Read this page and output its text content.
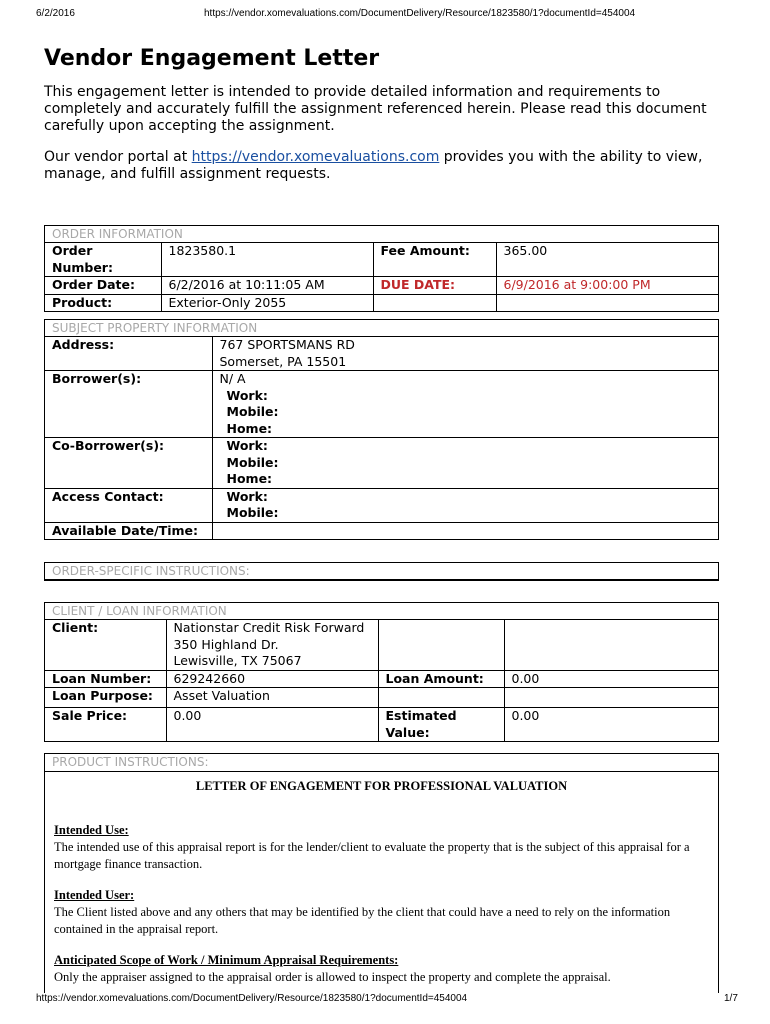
6/2/2016	https://vendor.xomevaluations.com/DocumentDelivery/Resource/1823580/1?documentId=454004
Vendor Engagement Letter

This engagement letter is intended to provide detailed information and requirements to completely and accurately fulfill the assignment referenced herein. Please read this document carefully upon accepting the assignment.

Our vendor portal at https://vendor.xomevaluations.com provides you with the ability to view, manage, and fulfill assignment requests.

ORDER INFORMATION
Order Number:	1823580.1	Fee Amount:	365.00
Order Date:	6/2/2016 at 10:11:05 AM	DUE DATE:	6/9/2016 at 9:00:00 PM
Product:	Exterior-Only 2055		
SUBJECT PROPERTY INFORMATION
Address:	767 SPORTSMANS RD
Somerset, PA 15501

Borrower(s):	N/ A
Work:
Mobile:
Home:

Co-Borrower(s):	Work:
Mobile:
Home:

Access Contact:	Work:
Mobile:

Available Date/Time:	
ORDER-SPECIFIC INSTRUCTIONS:
CLIENT / LOAN INFORMATION
Client:	Nationstar Credit Risk Forward
350 Highland Dr.
Lewisville, TX 75067		

Loan Number:	629242660	Loan Amount:	0.00
Loan Purpose:	Asset Valuation		
Sale Price:	0.00	Estimated Value:	0.00
PRODUCT INSTRUCTIONS:
LETTER OF ENGAGEMENT FOR PROFESSIONAL VALUATION
Intended Use:
The intended use of this appraisal report is for the lender/client to evaluate the property that is the subject of this appraisal for a mortgage finance transaction.
Intended User:
The Client listed above and any others that may be identified by the client that could have a need to rely on the information contained in the appraisal report.
Anticipated Scope of Work / Minimum Appraisal Requirements:
Only the appraiser assigned to the appraisal order is allowed to inspect the property and complete the appraisal.
https://vendor.xomevaluations.com/DocumentDelivery/Resource/1823580/1?documentId=454004	1/7
